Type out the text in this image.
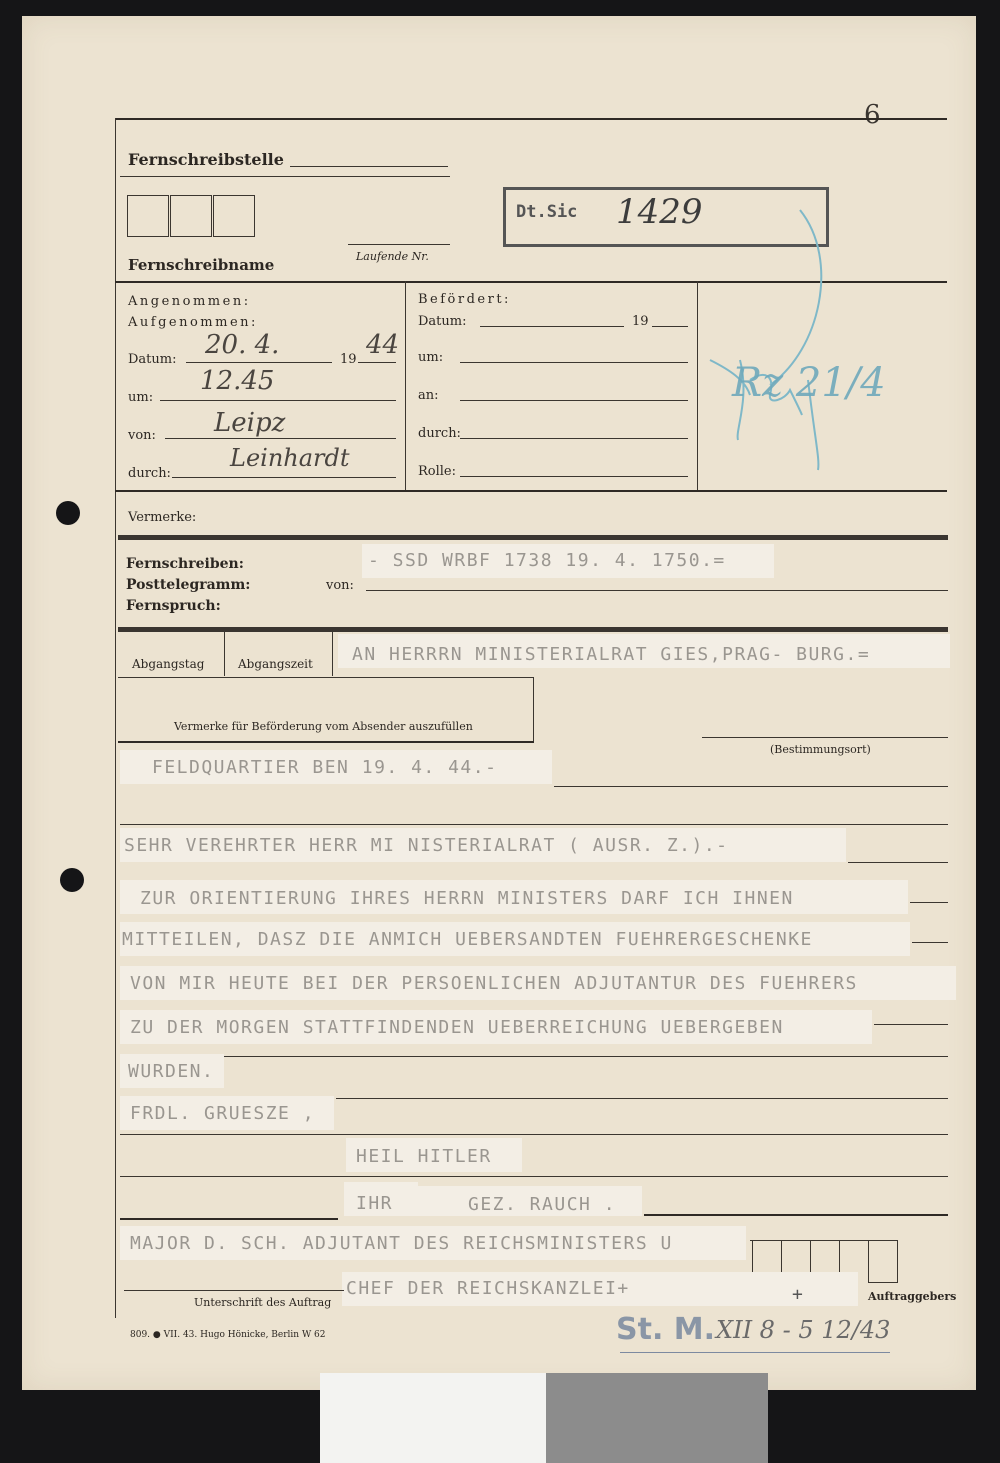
6
Fernschreibstelle
Laufende Nr.
Fernschreibname
Dt.Sic 1429
Angenommen:
Aufgenommen:
Datum: 20. 4.	19 44
um:
12.45
von: Leipz
durch:
Leinhardt
Befördert:
Datum:	19
um:
an:
durch:
Rolle:
Rz 21/4
Vermerke:
Fernschreiben:
Posttelegramm:
Fernspruch:
von:
- SSD WRBF 1738 19. 4. 1750.=
Abgangstag	Abgangszeit AN HERRRN MINISTERIALRAT GIES,PRAG- BURG.=
Vermerke für Beförderung vom Absender auszufüllen
(Bestimmungsort)
FELDQUARTIER BEN 19. 4. 44.-
SEHR VEREHRTER HERR MI NISTERIALRAT ( AUSR. Z.).-
ZUR ORIENTIERUNG IHRES HERRN MINISTERS DARF ICH IHNEN
MITTEILEN, DASZ DIE ANMICH UEBERSANDTEN FUEHRERGESCHENKE
VON MIR HEUTE BEI DER PERSOENLICHEN ADJUTANTUR DES FUEHRERS
ZU DER MORGEN STATTFINDENDEN UEBERREICHUNG UEBERGEBEN
WURDEN.
FRDL. GRUESZE ,
HEIL HITLER
IHR	GEZ. RAUCH .
MAJOR D. SCH. ADJUTANT DES REICHSMINISTERS U
CHEF DER REICHSKANZLEI+	+
Unterschrift des Auftrag	Auftraggebers
809. ● VII. 43. Hugo Hönicke, Berlin W 62	St. M. XII 8 - 5 12/43
